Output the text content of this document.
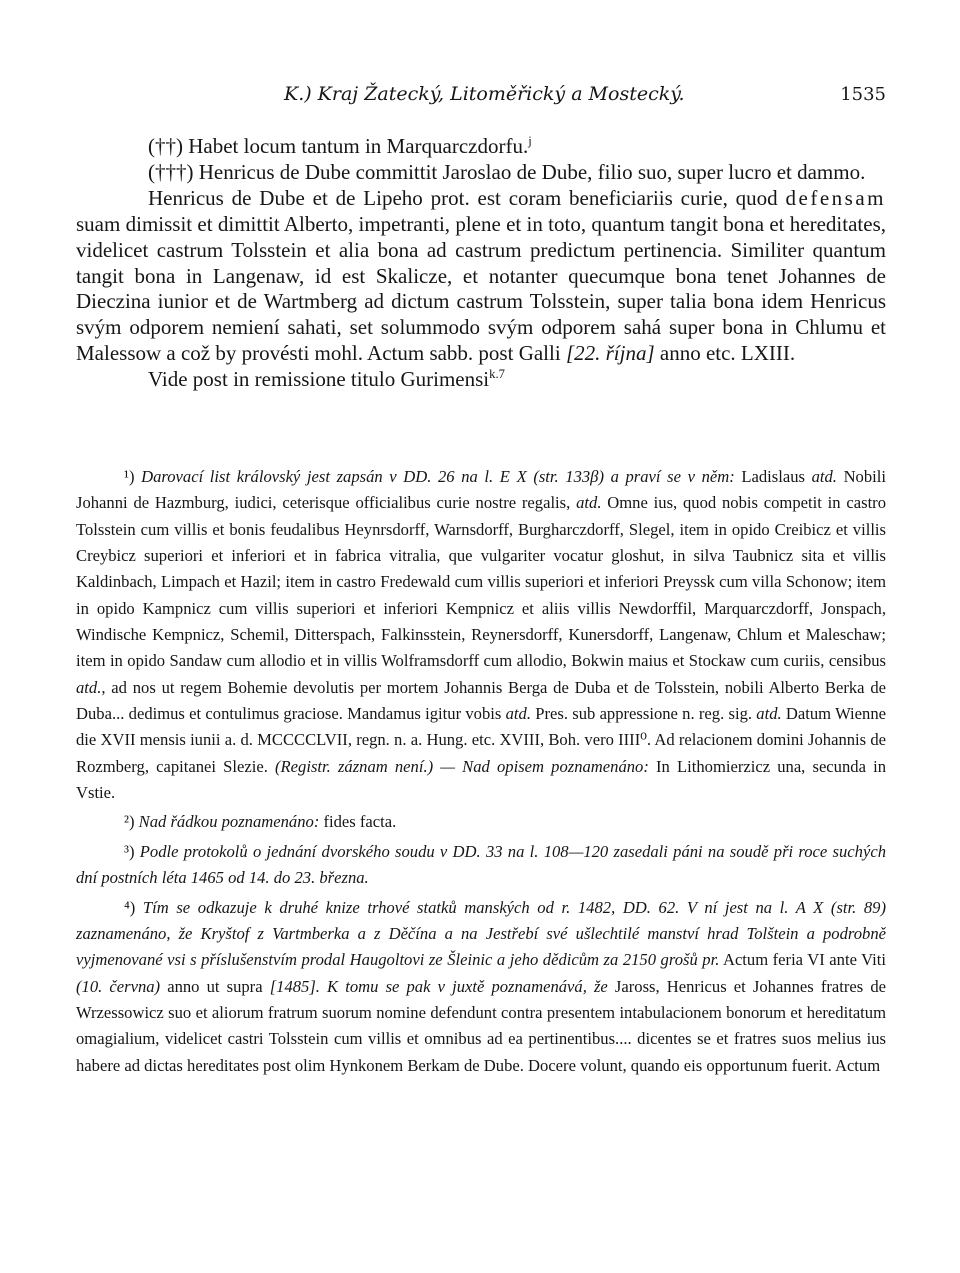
K.) Kraj Žatecký, Litoměřický a Mostecký.	1535

(††) Habet locum tantum in Marquarczdorfu.$^j$

(†††) Henricus de Dube committit Jaroslao de Dube, filio suo, super lucro et dammo.

Henricus de Dube et de Lipeho prot. est coram beneficiariis curie, quod defensam suam dimissit et dimittit Alberto, impetranti, plene et in toto, quantum tangit bona et hereditates, videlicet castrum Tolsstein et alia bona ad castrum predictum pertinencia. Similiter quantum tangit bona in Langenaw, id est Skalicze, et notanter quecumque bona tenet Johannes de Dieczina iunior et de Wartmberg ad dictum castrum Tolsstein, super talia bona idem Henricus svým odporem nemiení sahati, set solummodo svým odporem sahá super bona in Chlumu et Malessow a což by provésti mohl. Actum sabb. post Galli [22. října] anno etc. LXIII.

Vide post in remissione titulo Gurimensi$^{k.7}$

¹) Darovací list královský jest zapsán v DD. 26 na l. E X (str. 133β) a praví se v něm: Ladislaus atd. Nobili Johanni de Hazmburg, iudici, ceterisque officialibus curie nostre regalis, atd. Omne ius, quod nobis competit in castro Tolsstein cum villis et bonis feudalibus Heynrsdorff, Warnsdorff, Burgharczdorff, Slegel, item in opido Creibicz et villis Creybicz superiori et inferiori et in fabrica vitralia, que vulgariter vocatur gloshut, in silva Taubnicz sita et villis Kaldinbach, Limpach et Hazil; item in castro Fredewald cum villis superiori et inferiori Preyssk cum villa Schonow; item in opido Kampnicz cum villis superiori et inferiori Kempnicz et aliis villis Newdorffil, Marquarczdorff, Jonspach, Windische Kempnicz, Schemil, Ditterspach, Falkinsstein, Reynersdorff, Kunersdorff, Langenaw, Chlum et Maleschaw; item in opido Sandaw cum allodio et in villis Wolframsdorff cum allodio, Bokwin maius et Stockaw cum curiis, censibus atd., ad nos ut regem Bohemie devolutis per mortem Johannis Berga de Duba et de Tolsstein, nobili Alberto Berka de Duba... dedimus et contulimus graciose. Mandamus igitur vobis atd. Pres. sub appressione n. reg. sig. atd. Datum Wienne die XVII mensis iunii a. d. MCCCCLVII, regn. n. a. Hung. etc. XVIII, Boh. vero IIII⁰. Ad relacionem domini Johannis de Rozmberg, capitanei Slezie. (Registr. záznam není.) — Nad opisem poznamenáno: In Lithomierzicz una, secunda in Vstie.

²) Nad řádkou poznamenáno: fides facta.

³) Podle protokolů o jednání dvorského soudu v DD. 33 na l. 108—120 zasedali páni na soudě při roce suchých dní postních léta 1465 od 14. do 23. března.

⁴) Tím se odkazuje k druhé knize trhové statků manských od r. 1482, DD. 62. V ní jest na l. A X (str. 89) zaznamenáno, že Kryštof z Vartmberka a z Děčína a na Jestřebí své ušlechtilé manství hrad Tolštein a podrobně vyjmenované vsi s příslušenstvím prodal Haugoltovi ze Šleinic a jeho dědicům za 2150 grošů pr. Actum feria VI ante Viti (10. června) anno ut supra [1485]. K tomu se pak v juxtě poznamenává, že Jaross, Henricus et Johannes fratres de Wrzessowicz suo et aliorum fratrum suorum nomine defendunt contra presentem intabulacionem bonorum et hereditatum omagialium, videlicet castri Tolsstein cum villis et omnibus ad ea pertinentibus.... dicentes se et fratres suos melius ius habere ad dictas hereditates post olim Hynkonem Berkam de Dube. Docere volunt, quando eis opportunum fuerit. Actum
